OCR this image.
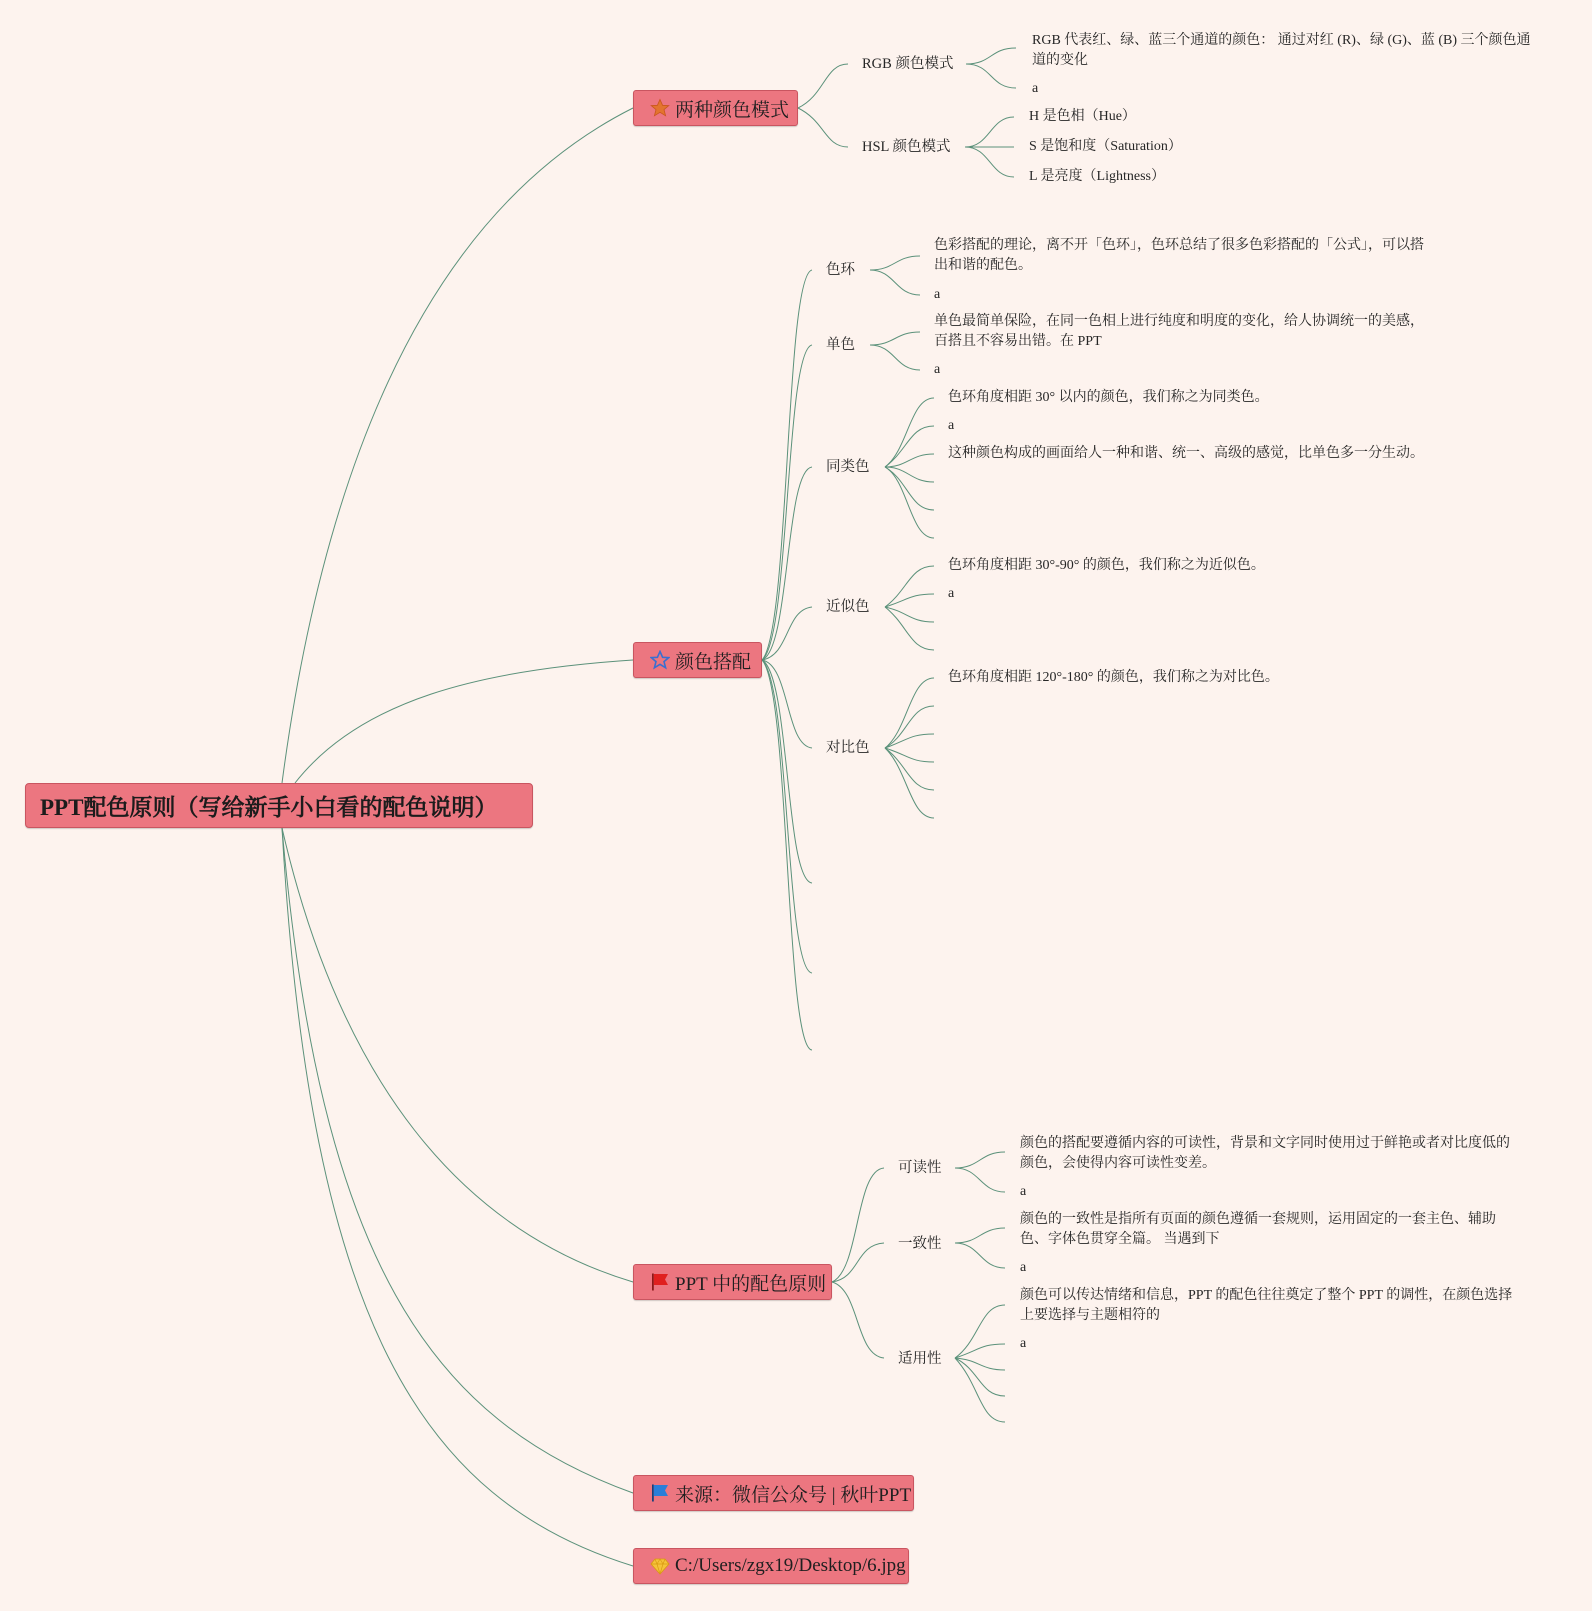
PPT配色原则（写给新手小白看的配色说明）
两种颜色模式
RGB 颜色模式
RGB 代表红、绿、蓝三个通道的颜色： 通过对红 (R)、绿 (G)、蓝 (B) 三个颜色通道的变化
a
HSL 颜色模式
H 是色相（Hue）
S 是饱和度（Saturation）
L 是亮度（Lightness）
颜色搭配
色环
色彩搭配的理论，离不开「色环」，色环总结了很多色彩搭配的「公式」，可以搭出和谐的配色。
a
单色
单色最简单保险，在同一色相上进行纯度和明度的变化，给人协调统一的美感，百搭且不容易出错。在 PPT
a
同类色
色环角度相距 30° 以内的颜色，我们称之为同类色。
a
这种颜色构成的画面给人一种和谐、统一、高级的感觉，比单色多一分生动。
近似色
色环角度相距 30°-90° 的颜色，我们称之为近似色。
a
对比色
色环角度相距 120°-180° 的颜色，我们称之为对比色。
PPT 中的配色原则
可读性
颜色的搭配要遵循内容的可读性，背景和文字同时使用过于鲜艳或者对比度低的颜色，会使得内容可读性变差。
a
一致性
颜色的一致性是指所有页面的颜色遵循一套规则，运用固定的一套主色、辅助色、字体色贯穿全篇。 当遇到下
a
适用性
颜色可以传达情绪和信息，PPT 的配色往往奠定了整个 PPT 的调性，在颜色选择上要选择与主题相符的
a
来源：微信公众号 | 秋叶PPT
C:/Users/zgx19/Desktop/6.jpg
